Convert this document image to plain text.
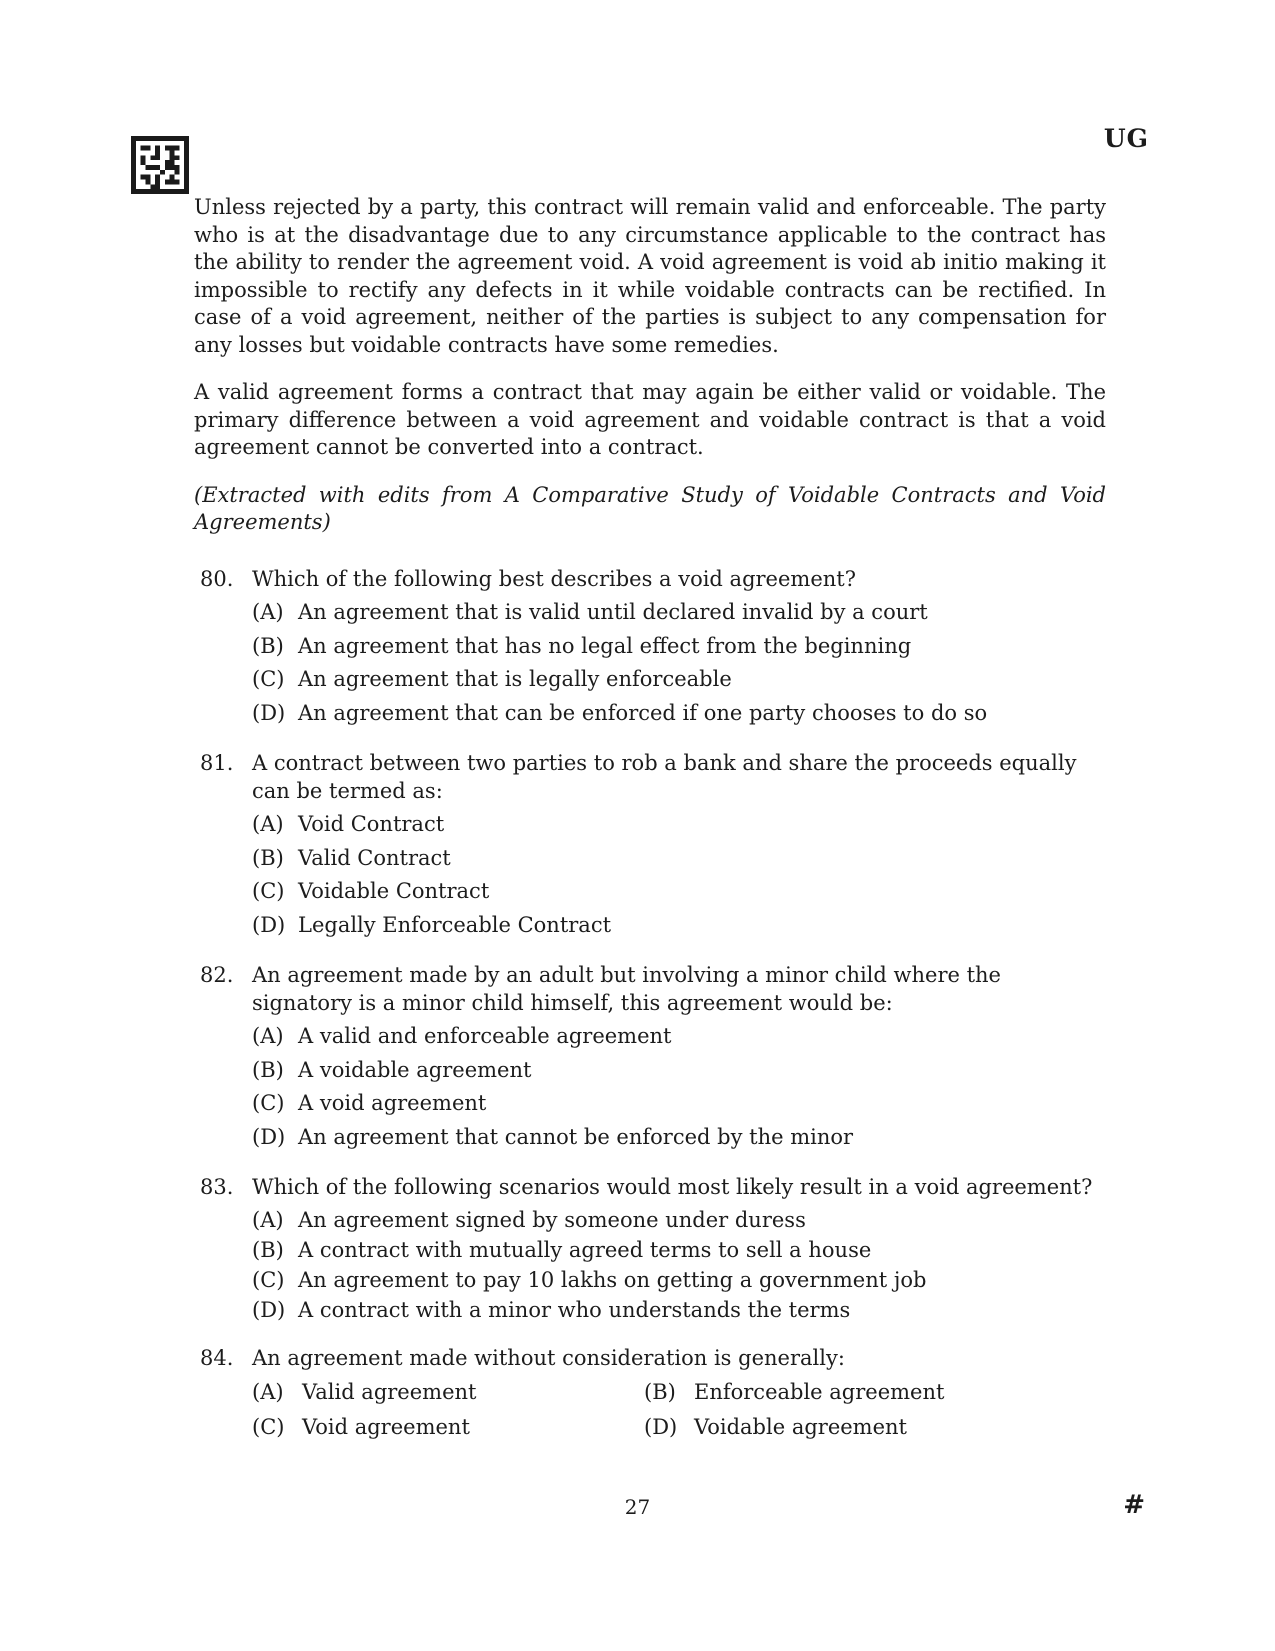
UG

Unless rejected by a party, this contract will remain valid and enforceable. The party who is at the disadvantage due to any circumstance applicable to the contract has the ability to render the agreement void. A void agreement is void ab initio making it impossible to rectify any defects in it while voidable contracts can be rectified. In case of a void agreement, neither of the parties is subject to any compensation for any losses but voidable contracts have some remedies.

A valid agreement forms a contract that may again be either valid or voidable. The primary difference between a void agreement and voidable contract is that a void agreement cannot be converted into a contract.

(Extracted with edits from A Comparative Study of Voidable Contracts and Void Agreements)

80. Which of the following best describes a void agreement?
(A) An agreement that is valid until declared invalid by a court
(B) An agreement that has no legal effect from the beginning
(C) An agreement that is legally enforceable
(D) An agreement that can be enforced if one party chooses to do so
81. A contract between two parties to rob a bank and share the proceeds equally can be termed as:
(A) Void Contract
(B) Valid Contract
(C) Voidable Contract
(D) Legally Enforceable Contract
82. An agreement made by an adult but involving a minor child where the signatory is a minor child himself, this agreement would be:
(A) A valid and enforceable agreement
(B) A voidable agreement
(C) A void agreement
(D) An agreement that cannot be enforced by the minor
83. Which of the following scenarios would most likely result in a void agreement?
(A) An agreement signed by someone under duress
(B) A contract with mutually agreed terms to sell a house
(C) An agreement to pay 10 lakhs on getting a government job
(D) A contract with a minor who understands the terms
84. An agreement made without consideration is generally:
(A) Valid agreement	(B) Enforceable agreement
(C) Void agreement	(D) Voidable agreement
27	#
